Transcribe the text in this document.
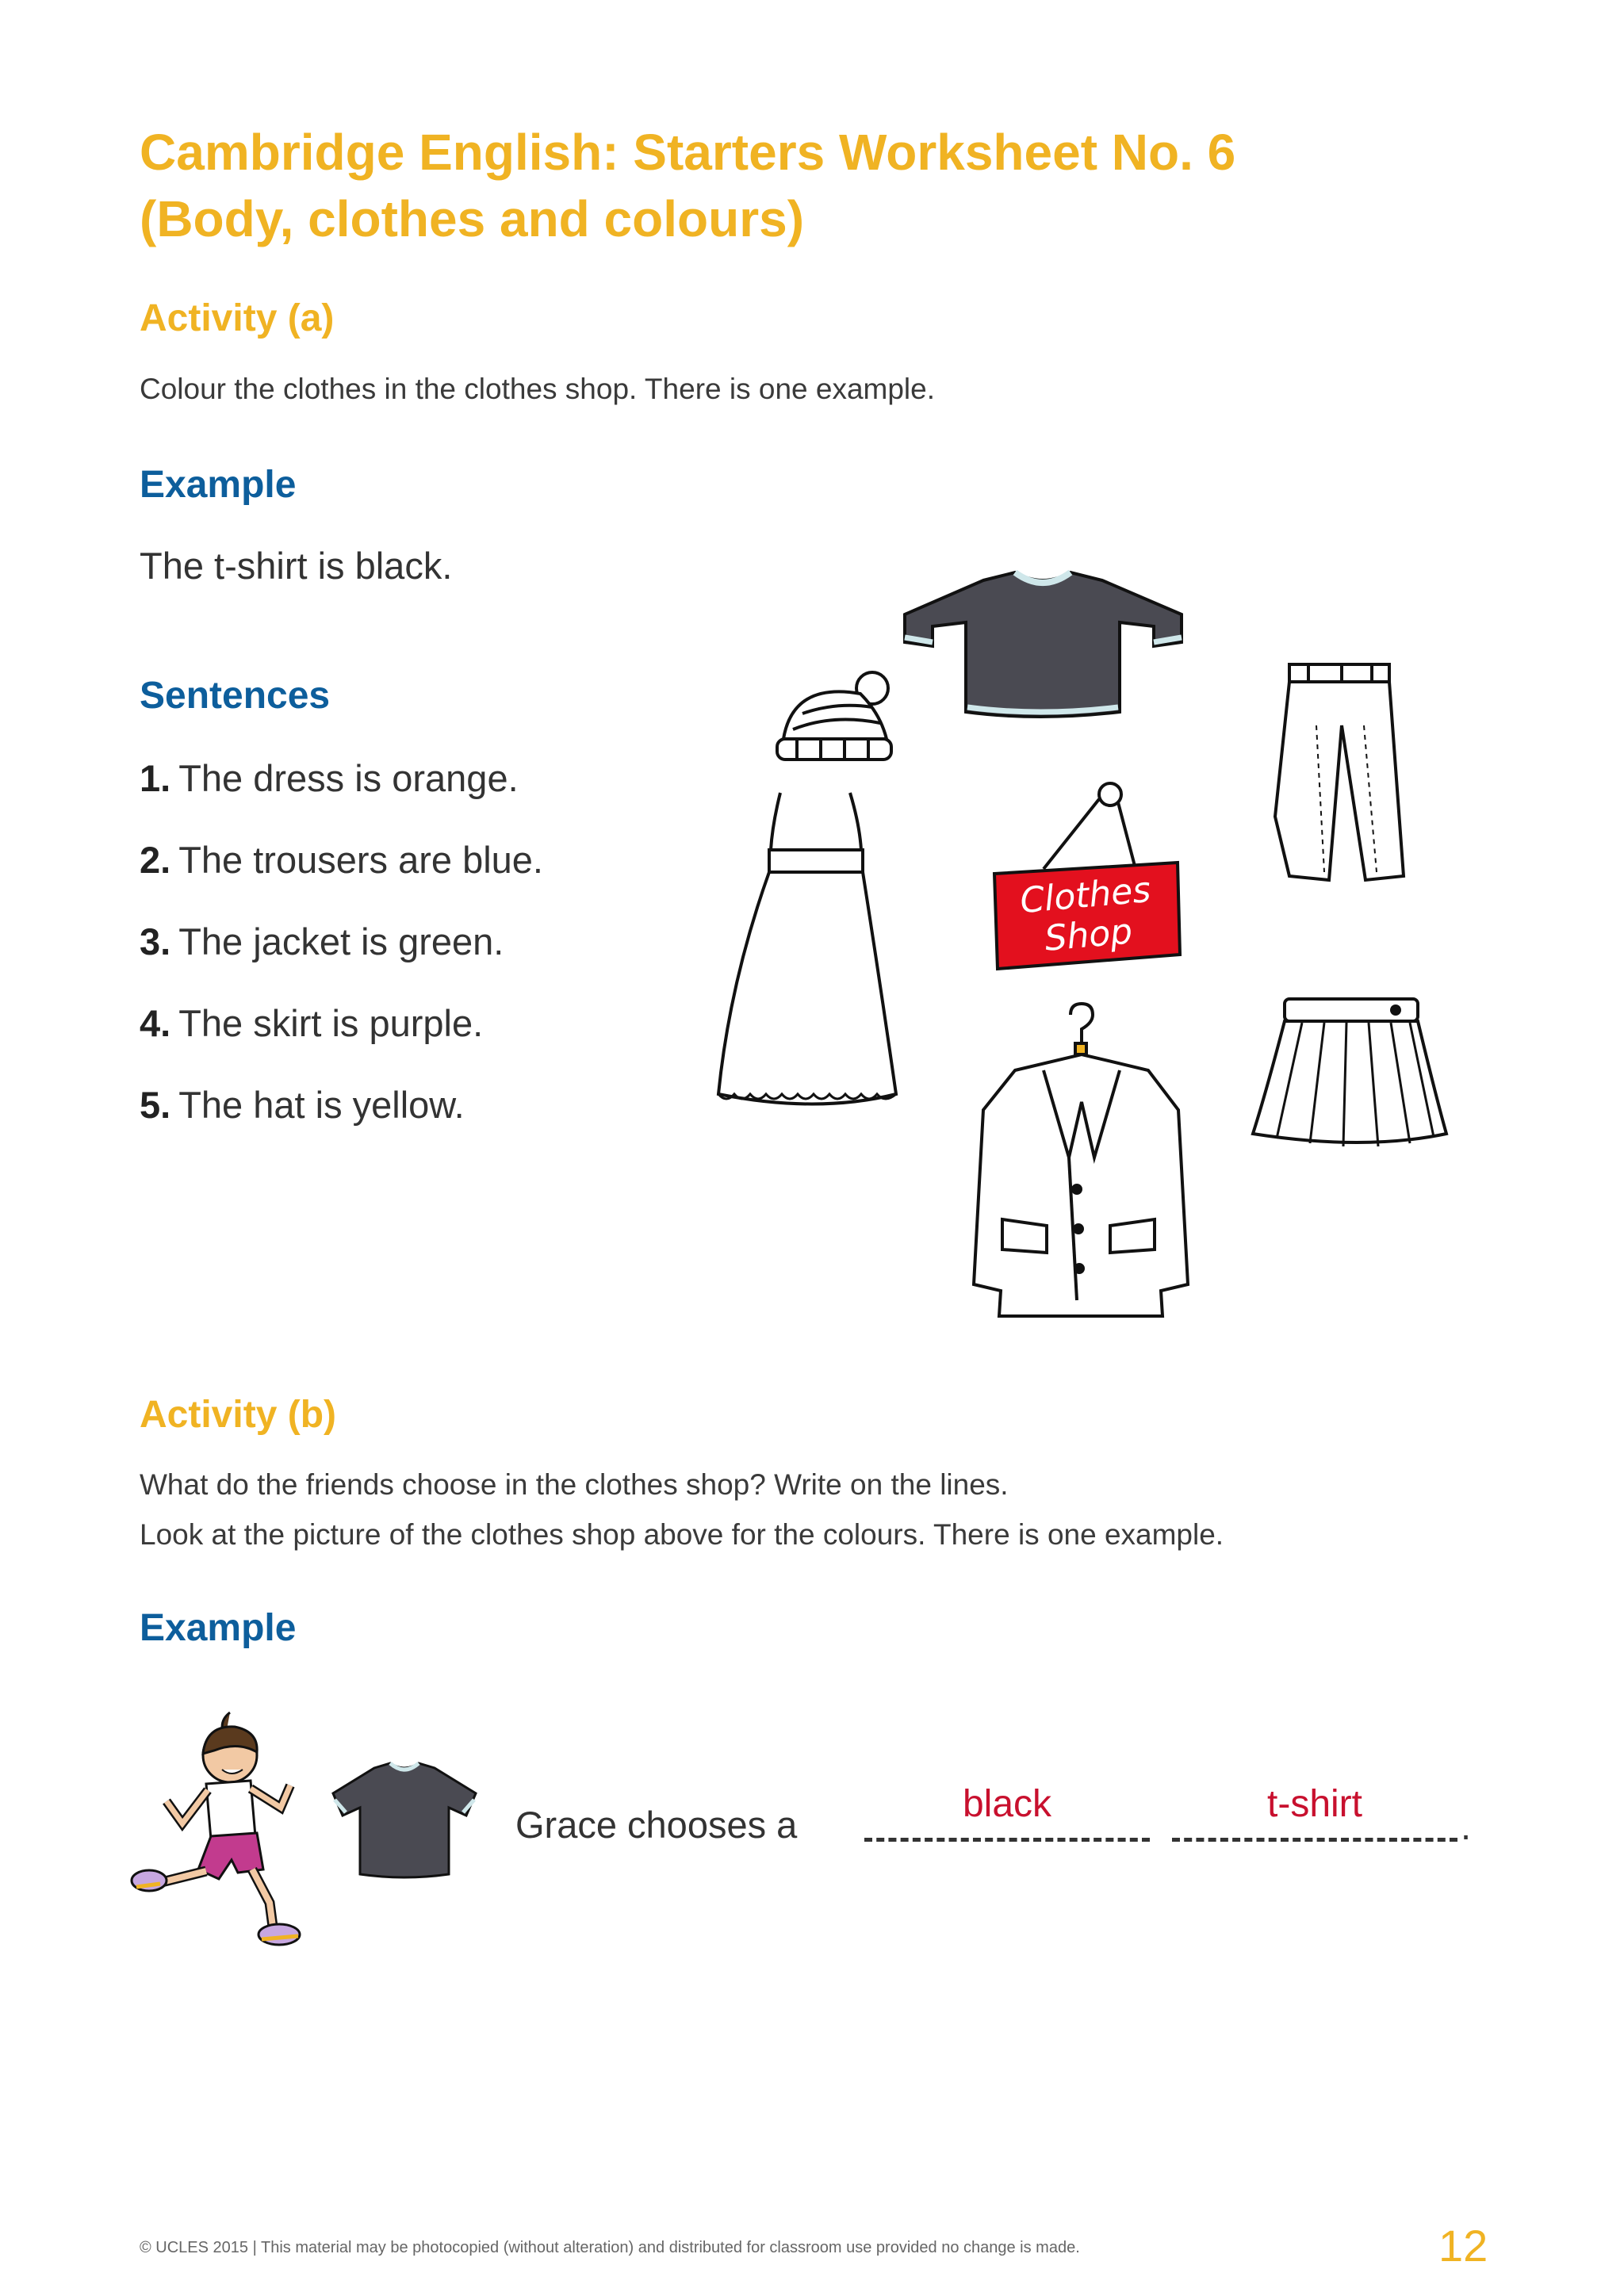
Cambridge English: Starters Worksheet No. 6
(Body, clothes and colours)
Activity (a)
Colour the clothes in the clothes shop. There is one example.
Example
The t-shirt is black.
Sentences
1. The dress is orange.
2. The trousers are blue.
3. The jacket is green.
4. The skirt is purple.
5. The hat is yellow.
Clothes
Shop
Activity (b)
What do the friends choose in the clothes shop? Write on the lines.
Look at the picture of the clothes shop above for the colours. There is one example.
Example
Grace chooses a	black	t-shirt
.
© UCLES 2015 | This material may be photocopied (without alteration) and distributed for classroom use provided no change is made.	12
